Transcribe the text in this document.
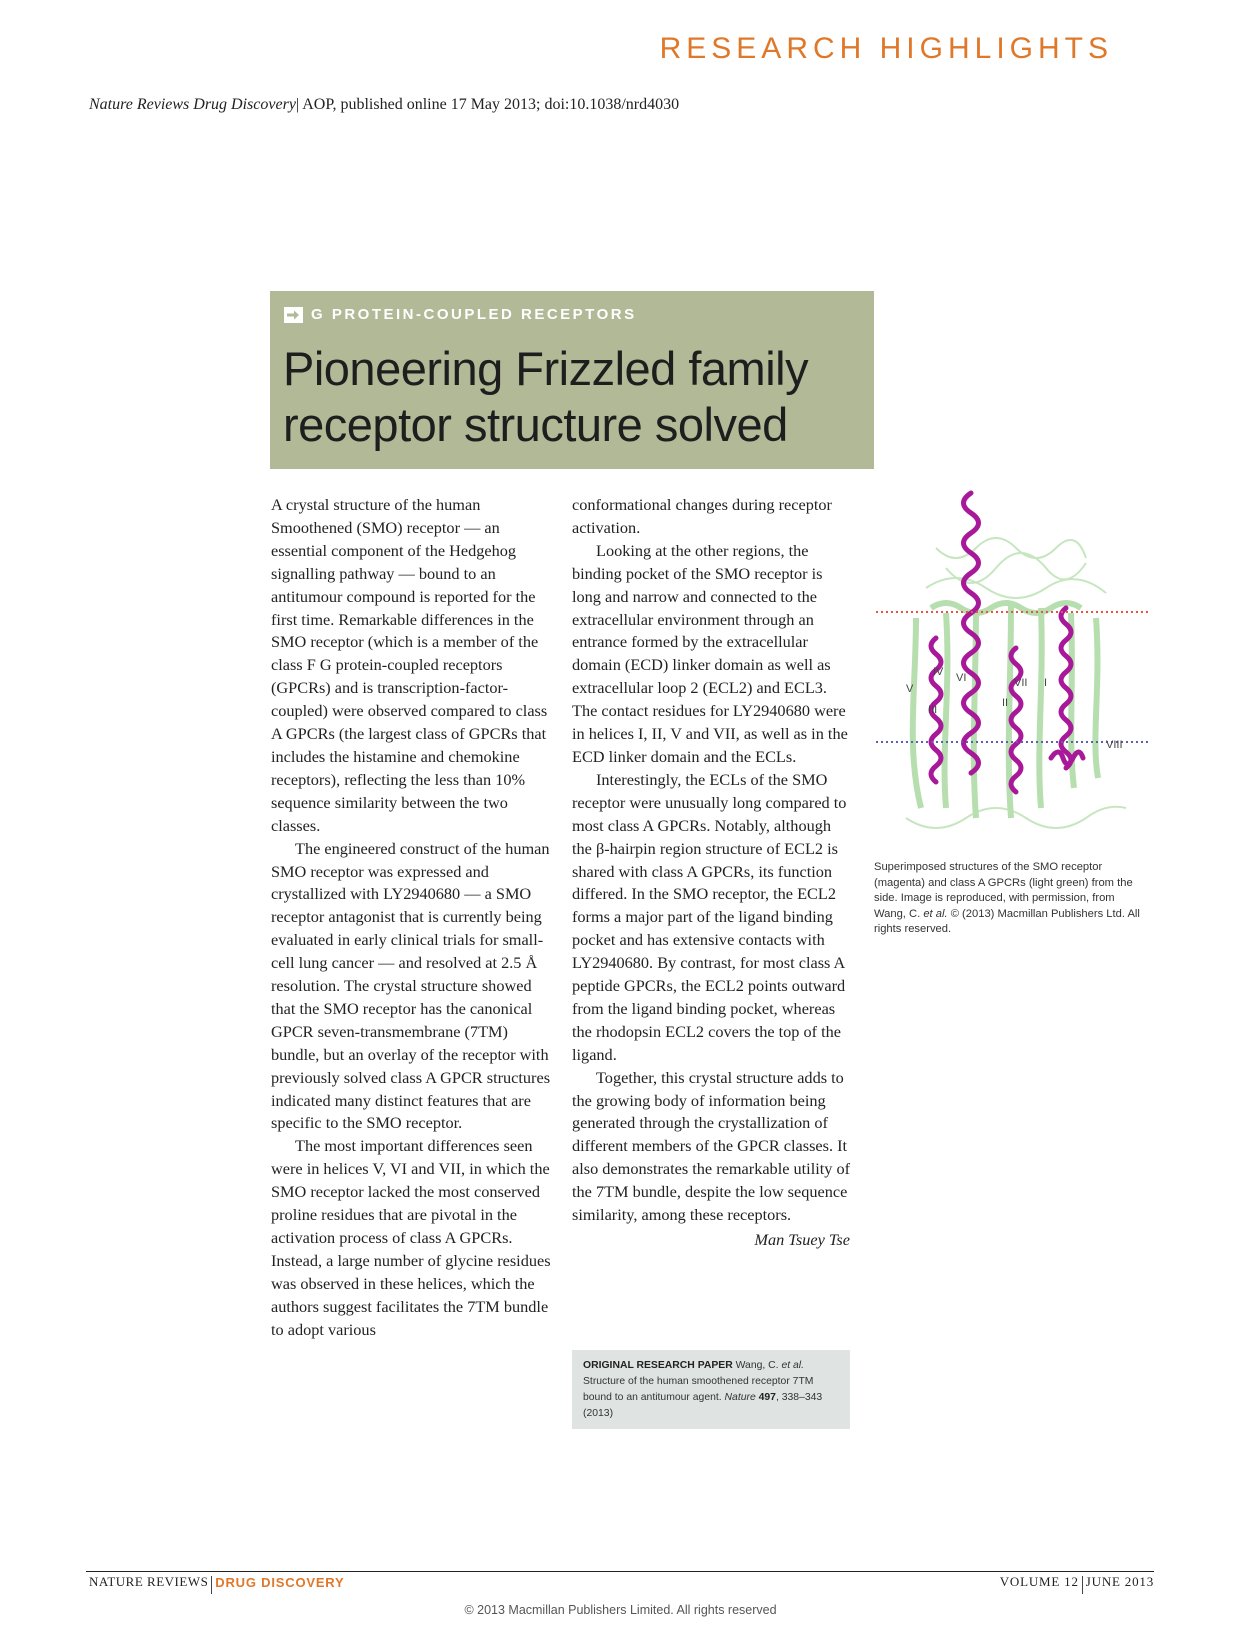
RESEARCH HIGHLIGHTS
Nature Reviews Drug Discovery| AOP, published online 17 May 2013; doi:10.1038/nrd4030
G PROTEIN-COUPLED RECEPTORS
Pioneering Frizzled family
receptor structure solved

A crystal structure of the human Smoothened (SMO) receptor — an essential component of the Hedgehog signalling pathway — bound to an antitumour compound is reported for the first time. Remarkable differences in the SMO receptor (which is a member of the class F G protein-coupled receptors (GPCRs) and is transcription-factor-coupled) were observed compared to class A GPCRs (the largest class of GPCRs that includes the histamine and chemokine receptors), reflecting the less than 10% sequence similarity between the two classes.

The engineered construct of the human SMO receptor was expressed and crystallized with LY2940680 — a SMO receptor antagonist that is currently being evaluated in early clinical trials for small-cell lung cancer — and resolved at 2.5 Å resolution. The crystal structure showed that the SMO receptor has the canonical GPCR seven-transmembrane (7TM) bundle, but an overlay of the receptor with previously solved class A GPCR structures indicated many distinct features that are specific to the SMO receptor.

The most important differences seen were in helices V, VI and VII, in which the SMO receptor lacked the most conserved proline residues that are pivotal in the activation process of class A GPCRs. Instead, a large number of glycine residues was observed in these helices, which the authors suggest facilitates the 7TM bundle to adopt various

conformational changes during receptor activation.

Looking at the other regions, the binding pocket of the SMO receptor is long and narrow and connected to the extracellular environment through an entrance formed by the extracellular domain (ECD) linker domain as well as extracellular loop 2 (ECL2) and ECL3. The contact residues for LY2940680 were in helices I, II, V and VII, as well as in the ECD linker domain and the ECLs.

Interestingly, the ECLs of the SMO receptor were unusually long compared to most class A GPCRs. Notably, although the β-hairpin region structure of ECL2 is shared with class A GPCRs, its function differed. In the SMO receptor, the ECL2 forms a major part of the ligand binding pocket and has extensive contacts with LY2940680. By contrast, for most class A peptide GPCRs, the ECL2 points outward from the ligand binding pocket, whereas the rhodopsin ECL2 covers the top of the ligand.

Together, this crystal structure adds to the growing body of information being generated through the crystallization of different members of the GPCR classes. It also demonstrates the remarkable utility of the 7TM bundle, despite the low sequence similarity, among these receptors.

Man Tsuey Tse
ORIGINAL RESEARCH PAPER Wang, C. et al. Structure of the human smoothened receptor 7TM bound to an antitumour agent. Nature 497, 338–343 (2013)
IV VI	VII I
V
III
II
VIII
Superimposed structures of the SMO receptor (magenta) and class A GPCRs (light green) from the side. Image is reproduced, with permission, from Wang, C. et al. © (2013) Macmillan Publishers Ltd. All rights reserved.
NATURE REVIEWS DRUG DISCOVERY	VOLUME 12 JUNE 2013
© 2013 Macmillan Publishers Limited. All rights reserved
